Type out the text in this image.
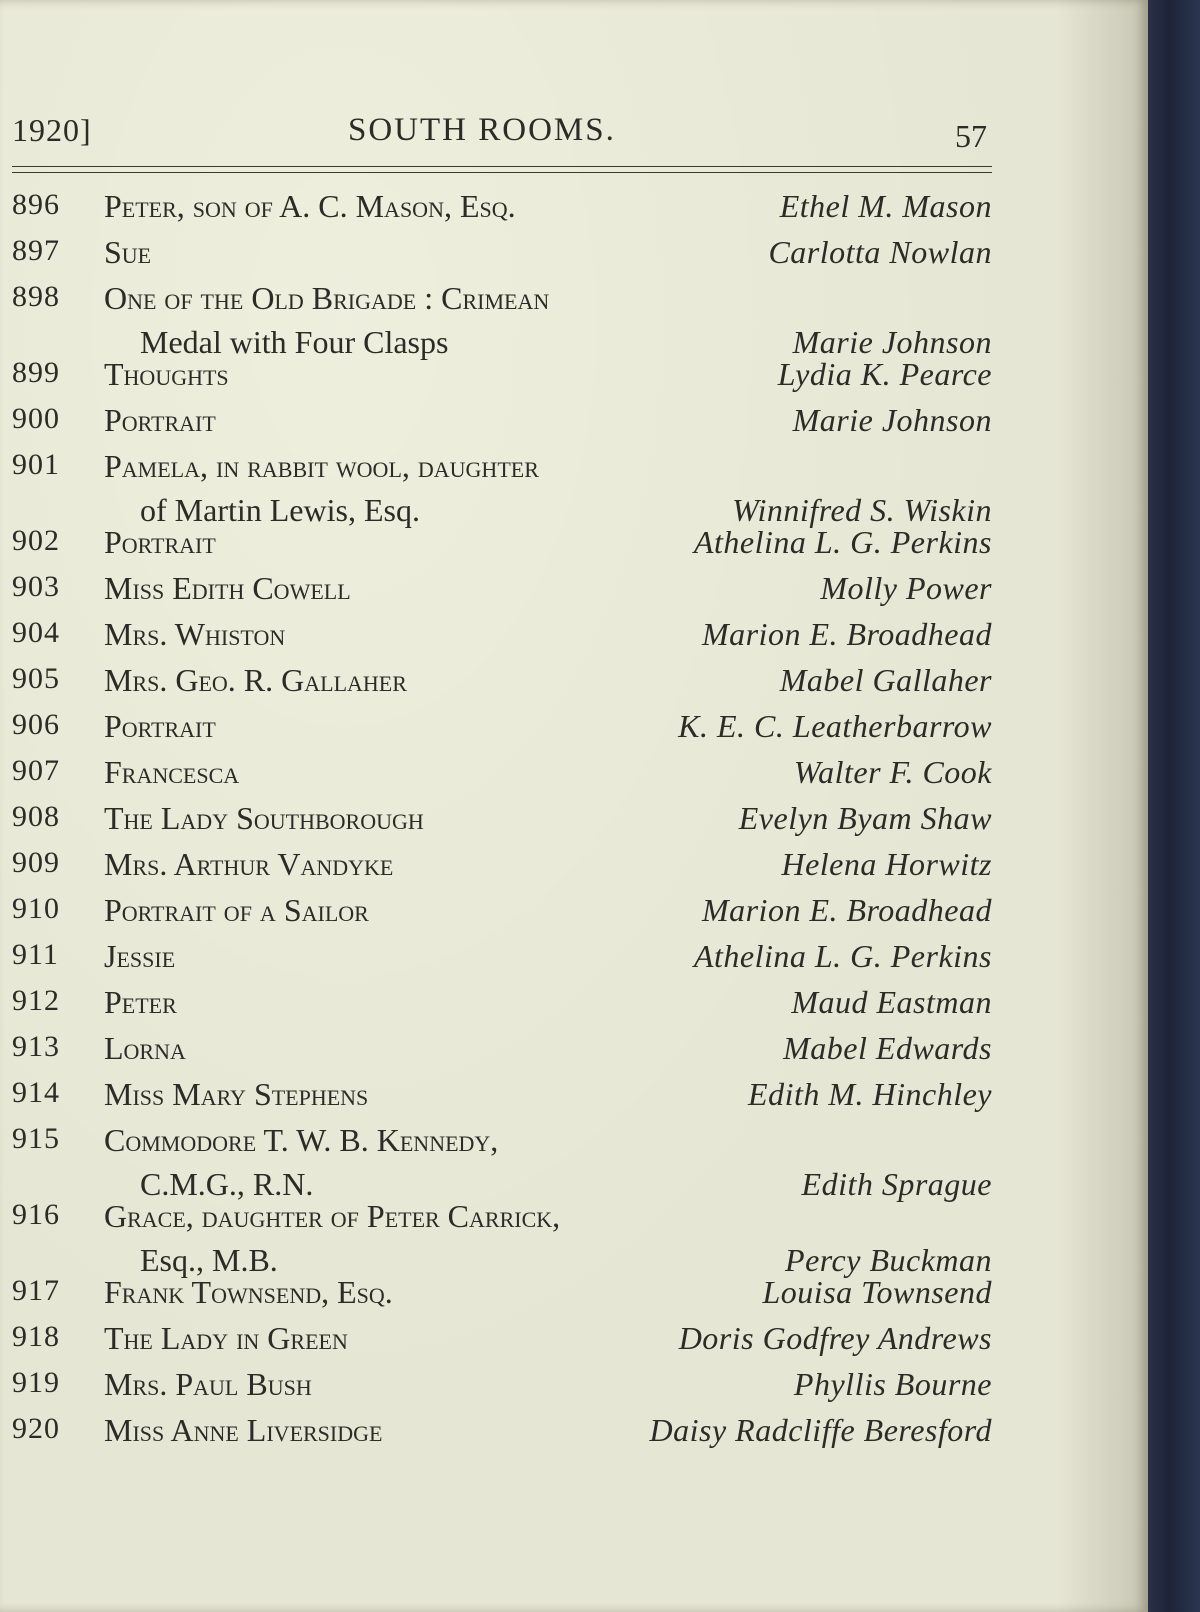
1920]	SOUTH ROOMS.	57
896 Peter, son of A. C. Mason, Esq.	Ethel M. Mason
897 Sue	Carlotta Nowlan
898 One of the Old Brigade : Crimean
Medal with Four Clasps	Marie Johnson
899 Thoughts	Lydia K. Pearce
900 Portrait	Marie Johnson
901 Pamela, in rabbit wool, daughter
of Martin Lewis, Esq.	Winnifred S. Wiskin
902 Portrait	Athelina L. G. Perkins
903 Miss Edith Cowell	Molly Power
904 Mrs. Whiston	Marion E. Broadhead
905 Mrs. Geo. R. Gallaher	Mabel Gallaher
906 Portrait	K. E. C. Leatherbarrow
907 Francesca	Walter F. Cook
908 The Lady Southborough	Evelyn Byam Shaw
909 Mrs. Arthur Vandyke	Helena Horwitz
910 Portrait of a Sailor	Marion E. Broadhead
911 Jessie	Athelina L. G. Perkins
912 Peter	Maud Eastman
913 Lorna	Mabel Edwards
914 Miss Mary Stephens	Edith M. Hinchley
915 Commodore T. W. B. Kennedy,
C.M.G., R.N.	Edith Sprague
916 Grace, daughter of Peter Carrick,
Esq., M.B.	Percy Buckman
917 Frank Townsend, Esq.	Louisa Townsend
918 The Lady in Green	Doris Godfrey Andrews
919 Mrs. Paul Bush	Phyllis Bourne
920 Miss Anne Liversidge	Daisy Radcliffe Beresford
